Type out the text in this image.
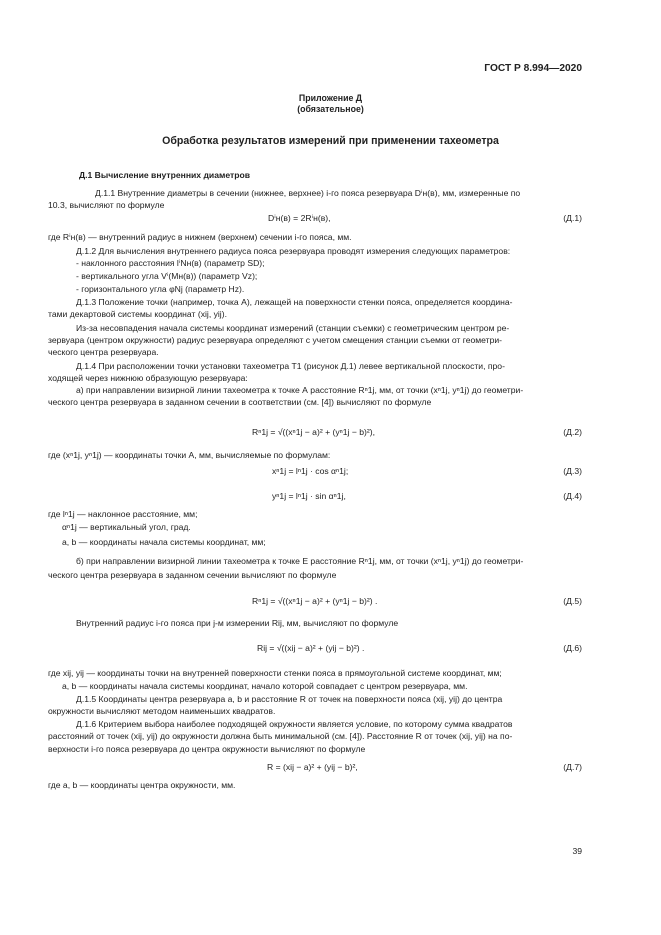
ГОСТ Р 8.994—2020
Приложение Д
(обязательное)
Обработка результатов измерений при применении тахеометра
Д.1 Вычисление внутренних диаметров
Д.1.1 Внутренние диаметры в сечении (нижнее, верхнее) i-го пояса резервуара Dⁱн(в), мм, измеренные по
10.3, вычисляют по формуле
Dⁱн(в) = 2Rⁱн(в),	(Д.1)
где Rⁱн(в) — внутренний радиус в нижнем (верхнем) сечении i-го пояса, мм.
Д.1.2 Для вычисления внутреннего радиуса пояса резервуара проводят измерения следующих параметров:
- наклонного расстояния lⁱNн(в) (параметр SD);
- вертикального угла Vⁱ(Мн(в)) (параметр Vz);
- горизонтального угла φNj (параметр Hz).
Д.1.3 Положение точки (например, точка А), лежащей на поверхности стенки пояса, определяется координа-
тами декартовой системы координат (xij, yij).
Из-за несовпадения начала системы координат измерений (станции съемки) с геометрическим центром ре-
зервуара (центром окружности) радиус резервуара определяют с учетом смещения станции съемки от геометри-
ческого центра резервуара.
Д.1.4 При расположении точки установки тахеометра Т1 (рисунок Д.1) левее вертикальной плоскости, про-
ходящей через нижнюю образующую резервуара:
а) при направлении визирной линии тахеометра к точке А расстояние Rⁿ1j, мм, от точки (xⁿ1j, yⁿ1j) до геометри-
ческого центра резервуара в заданном сечении в соответствии (см. [4]) вычисляют по формуле
Rⁿ1j = √((xⁿ1j − a)² + (yⁿ1j − b)²),	(Д.2)
где (xⁿ1j, yⁿ1j) — координаты точки А, мм, вычисляемые по формулам:
xⁿ1j = lⁿ1j · cos αⁿ1j;	(Д.3)
yⁿ1j = lⁿ1j · sin αⁿ1j,	(Д.4)
где lⁿ1j — наклонное расстояние, мм;
αⁿ1j — вертикальный угол, град.
a, b — координаты начала системы координат, мм;
б) при направлении визирной линии тахеометра к точке Е расстояние Rⁿ1j, мм, от точки (xⁿ1j, yⁿ1j) до геометри-
ческого центра резервуара в заданном сечении вычисляют по формуле
Rⁿ1j = √((xⁿ1j − a)² + (yⁿ1j − b)²) .	(Д.5)
Внутренний радиус i-го пояса при j-м измерении Rij, мм, вычисляют по формуле
Rij = √((xij − a)² + (yij − b)²) .	(Д.6)
где xij, yij — координаты точки на внутренней поверхности стенки пояса в прямоугольной системе координат, мм;
a, b — координаты начала системы координат, начало которой совпадает с центром резервуара, мм.
Д.1.5 Координаты центра резервуара a, b и расстояние R от точек на поверхности пояса (xij, yij) до центра
окружности вычисляют методом наименьших квадратов.
Д.1.6 Критерием выбора наиболее подходящей окружности является условие, по которому сумма квадратов
расстояний от точек (xij, yij) до окружности должна быть минимальной (см. [4]). Расстояние R от точек (xij, yij) на по-
верхности i-го пояса резервуара до центра окружности вычисляют по формуле
R = (xij − a)² + (yij − b)²,	(Д.7)
где a, b — координаты центра окружности, мм.
39
